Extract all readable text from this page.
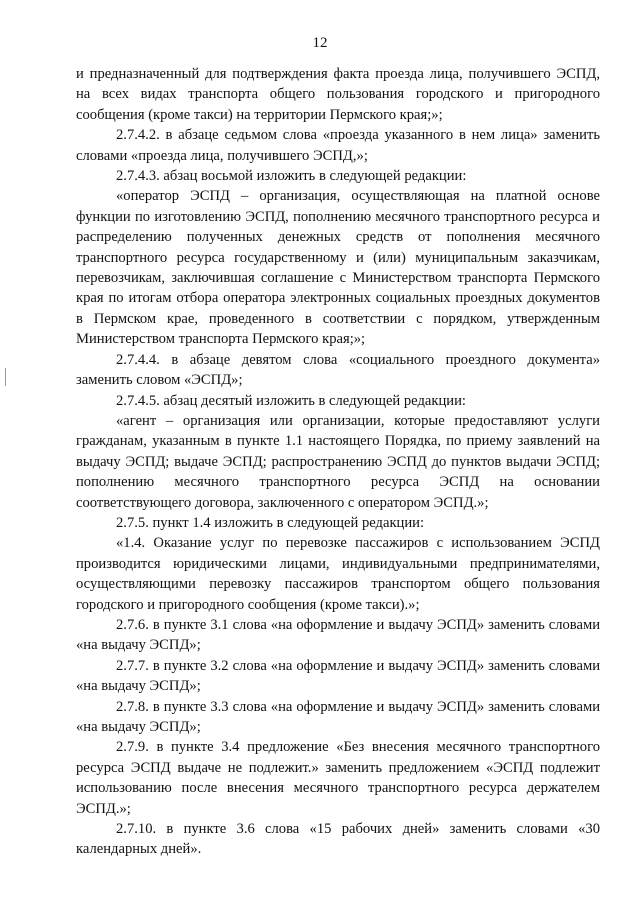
12

и предназначенный для подтверждения факта проезда лица, получившего ЭСПД, на всех видах транспорта общего пользования городского и пригородного сообщения (кроме такси) на территории Пермского края;»;

2.7.4.2. в абзаце седьмом слова «проезда указанного в нем лица» заменить словами «проезда лица, получившего ЭСПД,»;

2.7.4.3. абзац восьмой изложить в следующей редакции:

«оператор ЭСПД – организация, осуществляющая на платной основе функции по изготовлению ЭСПД, пополнению месячного транспортного ресурса и распределению полученных денежных средств от пополнения месячного транспортного ресурса государственному и (или) муниципальным заказчикам, перевозчикам, заключившая соглашение с Министерством транспорта Пермского края по итогам отбора оператора электронных социальных проездных документов в Пермском крае, проведенного в соответствии с порядком, утвержденным Министерством транспорта Пермского края;»;

2.7.4.4. в абзаце девятом слова «социального проездного документа» заменить словом «ЭСПД»;

2.7.4.5. абзац десятый изложить в следующей редакции:

«агент – организация или организации, которые предоставляют услуги гражданам, указанным в пункте 1.1 настоящего Порядка, по приему заявлений на выдачу ЭСПД; выдаче ЭСПД; распространению ЭСПД до пунктов выдачи ЭСПД; пополнению месячного транспортного ресурса ЭСПД на основании соответствующего договора, заключенного с оператором ЭСПД.»;

2.7.5. пункт 1.4 изложить в следующей редакции:

«1.4. Оказание услуг по перевозке пассажиров с использованием ЭСПД производится юридическими лицами, индивидуальными предпринимателями, осуществляющими перевозку пассажиров транспортом общего пользования городского и пригородного сообщения (кроме такси).»;

2.7.6. в пункте 3.1 слова «на оформление и выдачу ЭСПД» заменить словами «на выдачу ЭСПД»;

2.7.7. в пункте 3.2 слова «на оформление и выдачу ЭСПД» заменить словами «на выдачу ЭСПД»;

2.7.8. в пункте 3.3 слова «на оформление и выдачу ЭСПД» заменить словами «на выдачу ЭСПД»;

2.7.9. в пункте 3.4 предложение «Без внесения месячного транспортного ресурса ЭСПД выдаче не подлежит.» заменить предложением «ЭСПД подлежит использованию после внесения месячного транспортного ресурса держателем ЭСПД.»;

2.7.10. в пункте 3.6 слова «15 рабочих дней» заменить словами «30 календарных дней».
